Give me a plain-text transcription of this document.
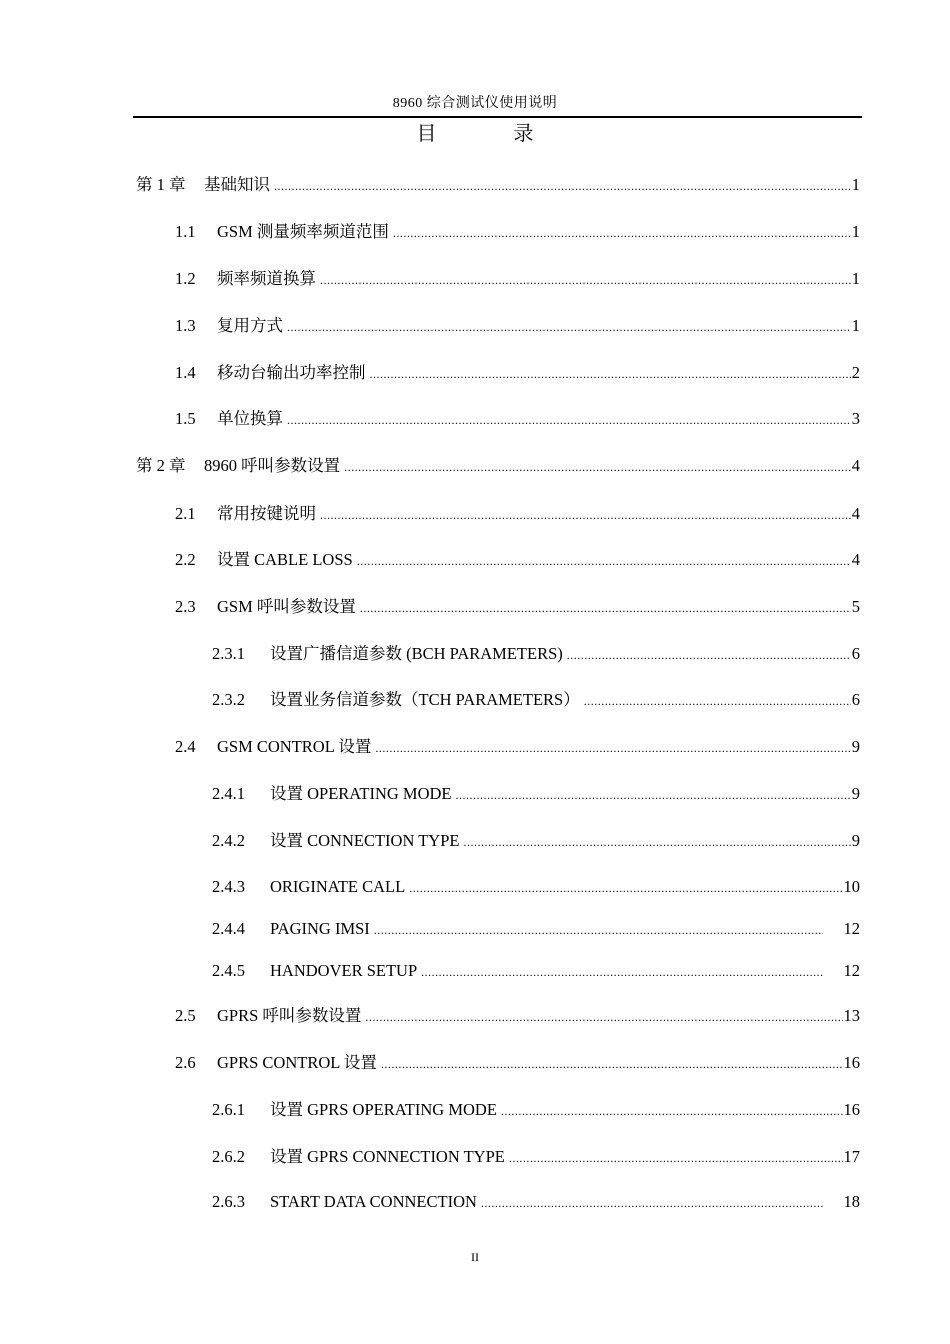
8960 综合测试仪使用说明
目 录
第 1 章	基础知识 .....	1
1.1	GSM 测量频率频道范围 .....	1
1.2	频率频道换算 .....	1
1.3	复用方式 .....	1
1.4	移动台输出功率控制 .....	2
1.5	单位换算 .....	3
第 2 章	8960 呼叫参数设置 .....	4
2.1	常用按键说明 .....	4
2.2	设置 CABLE LOSS .....	4
2.3	GSM 呼叫参数设置 .....	5
2.3.1	设置广播信道参数 (BCH PARAMETERS) .....	6
2.3.2	设置业务信道参数（TCH PARAMETERS） .....	6
2.4	GSM CONTROL 设置 .....	9
2.4.1	设置 OPERATING MODE .....	9
2.4.2	设置 CONNECTION TYPE .....	9
2.4.3	ORIGINATE CALL .....	10
2.4.4	PAGING IMSI .....	12
2.4.5	HANDOVER SETUP .....	12
2.5	GPRS 呼叫参数设置 .....	13
2.6	GPRS CONTROL 设置 .....	16
2.6.1	设置 GPRS OPERATING MODE .....	16
2.6.2	设置 GPRS CONNECTION TYPE .....	17
2.6.3	START DATA CONNECTION .....	18
II
